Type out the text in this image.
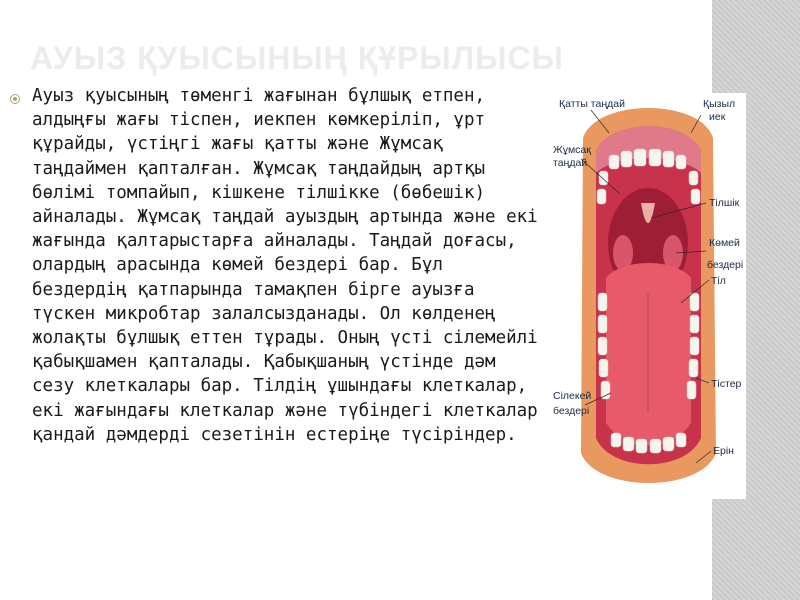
АУЫЗ ҚУЫСЫНЫҢ ҚҰРЫЛЫСЫ

Ауыз қуысының төменгі жағынан бұлшық етпен, алдыңғы жағы тіспен, иекпен көмкеріліп, ұрт құрайды, үстіңгі жағы қатты және Жұмсақ таңдаймен қапталған. Жұмсақ таңдайдың артқы бөлімі томпайып, кішкене тілшікке (бөбешік) айналады. Жұмсақ таңдай ауыздың артында және екі жағында қалтарыстарға айналады. Таңдай доғасы, олардың арасында көмей бездері бар. Бұл бездердің қатпарында тамақпен бірге ауызға түскен микробтар залалсызданады. Ол көлденең жолақты бұлшық еттен тұрады. Оның үсті сілемейлі қабықшамен қапталады. Қабықшаның үстінде дәм сезу клеткалары бар. Тілдің ұшындағы клеткалар, екі жағындағы клеткалар және түбіндегі клеткалар қандай дәмдерді сезетінін естеріңе түсіріндер.

Қатты таңдай	Қызыл
иек
Жұмсақ
таңдай
Тілшік
Көмей
бездері
Тіл
Тістер
Сілекей
бездері
Ерін
